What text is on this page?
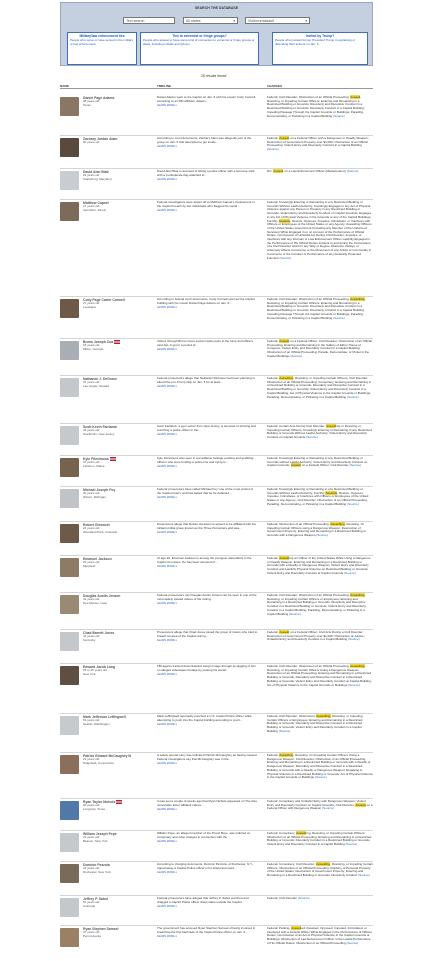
SEARCH THE DATABASE
Text search	All states	▾	Violence/assault	▾
Military/law enforcement ties
People who serve or have served in the military, or law enforcement.
Ties to extremist or fringe groups?
People who appear to have some kind of connection to extremist or fringe groups or ideas, including militias and QAnon.
Invited by Trump?
People who invoked former President Trump in explaining or defending their actions on Jan. 6.
28 results found
NAME	TIMELINE	CHARGES
Daniel Page Adams
38 years old
Texas
Daniel Adams went to the Capitol on Jan. 6 with his cousin Cody Connell, according to an FBI affidavit. Adams...
LEARN MORE ▾
Federal: Civil Disorder; Obstruction of an Official Proceeding; Assault, Resisting, or Impeding Certain Officers; Entering and Remaining in a Restricted Building or Grounds; Disorderly and Disruptive Conduct in a Restricted Building or Grounds; Disorderly Conduct in a Capitol Building; Impeding Passage Through the Capitol Grounds or Buildings; Parading, Demonstrating, or Picketing in a Capitol Building (Source)
Zachary Jordan Alam
30 years old
According to court documents, Zachary Alam was allegedly part of the group on Jan. 6 that attempted to get inside...
LEARN MORE ▾
Federal: Assault on a Federal Officer with a Dangerous or Deadly Weapon; Destruction of Government Property over $1,000; Obstruction of an Official Proceeding; Violent Entry and Disorderly Conduct in a Capitol Building (Source)
David Alan Blair
26 years old
Clarksburg, Maryland
David Alan Blair is accused of hitting a police officer with a lacrosse stick with a Confederate flag attached to...
LEARN MORE ▾
DC: Assault on a Law Enforcement Officer (Misdemeanor) (Source)
Matthew Capsel
27 years old
Vermillion, Illinois
Federal investigators were tipped off to Matthew Capsel's involvement in the Capitol breach by two individuals who flagged his social...
LEARN MORE ▾
Federal: Knowingly Entering or Remaining in any Restricted Building or Grounds Without Lawful Authority; Knowingly Engages in any Act of Physical Violence against any Person or Property in any Restricted Building or Grounds; Violent Entry and Disorderly Conduct on Capitol Grounds; Engages in any Act of Physical Violence in the Grounds or any of the Capitol Buildings; Forcibly Assaults, Resists, Opposes, Impedes, Intimidates, or Interferes with Officers or Employees of the United States or any Agency; Assaulting Officers of the United States Government (Including any Member of the Uniformed Services) While Engaged in or on Account of the Performance of Official Duties; Commission of Unlawful Act During Civil Disorder; Impedes, or Interferes with any Fireman or Law Enforcement Officer Lawfully Engaged in the Performance of His Official Duties Incident to and during the Commission of a Civil Disorder which in any Way or Degree Obstructs, Delays, or Adversely Affects Commerce or the Movement of any Article or Commodity in Commerce or the Conduct or Performance of any Federally Protected Function (Source)
Cody Page Carter Connell
27 years old
Louisiana
According to federal court documents, Cody Connell stormed the Capitol building with his cousin Daniel Page Adams on Jan. 6...
LEARN MORE ▾
Federal: Civil Disorder; Obstruction of an Official Proceeding; Assaulting, Resisting, or Impeding Certain Officers; Entering and Remaining in a Restricted Building or Grounds; Disorderly and Disruptive Conduct in a Restricted Building or Grounds; Disorderly Conduct in a Capitol Building; Impeding Passage Through the Capitol Grounds or Buildings; Parading, Demonstrating, or Picketing in a Capitol Building (Source)
Bruno Joseph Cua
18 years old
Milton, Georgia
Videos through Bruno Cua's social media posts in the lump and officers said Jan. 6 got in a period of...
LEARN MORE ▾
Federal: Assault on a Federal Officer; Civil Disorder; Obstruction of an Official Proceeding; Entering and Remaining in the Gallery of Either House of Congress; Violent Entry and Disorderly Conduct in a Capitol Building; Obstruction of an Official Proceeding; Parade, Demonstrate, or Picket in the Capitol Buildings (Source)
Nathaniel J. DeGrave
31 years old
Las Vegas, Nevada
Federal prosecutors allege that Nathaniel DeGrave had been planning to attend the pro-Trump rally on Jan. 6 for at least...
LEARN MORE ▾
Federal: Assaulting, Resisting, or Impeding Certain Officers; Civil Disorder; Obstruction of an Official Proceeding; Conspiracy; Entering and Remaining in a Restricted Building or Grounds; Disorderly and Disruptive Conduct in a Restricted Building or Grounds; Violent Entry and Disorderly Conduct in a Capitol Building; Act of Physical Violence in the Capitol Grounds or Buildings; Parading, Demonstrating, or Picketing in a Capitol Building (Source)
Scott Kevin Fairlamb
43 years old
Stockholm, New Jersey
Scott Fairlamb, a gym owner from New Jersey, is accused of shoving and punching a police officer in the...
LEARN MORE ▾
Federal: Certain Acts During Civil Disorder; Assaulting or Resisting or Impeding Certain Officers; Knowingly Entering or Remaining in any Restricted Building or Grounds Without Lawful Authority; Violent Entry and Disorderly Conduct on Capitol Grounds (Source)
Kyle Fitzsimons
37 years old
Lebanon, Maine
Kyle Fitzsimons was seen in surveillance footage pushing and grabbing officers who were holding a police line and trying to...
LEARN MORE ▾
Federal: Knowingly Entering or Remaining in any Restricted Building or Grounds without Lawful Authority; Violent Entry and Disorderly Conduct on Capitol Grounds; Assault on a Federal Officer; Civil Disorder (Source)
Michael Joseph Foy
30 years old
Wixom, Michigan
Federal prosecutors have called Michael Foy 'one of the most violent of the Capitol rioters' and has asked that he be detained...
LEARN MORE ▾
Federal: Knowingly Entering or Remaining in any Restricted Building or Grounds Without Lawful Authority; Forcibly Assaults, Resists, Opposes, Impedes, Intimidates, or Interferes with Officers or Employees of the United States or any Agency; Civil Disorder; Obstruction of an Official Proceeding; Parading, Demonstrating, or Picketing in a Capitol Building (Source)
Robert Gieswein
24 years old
Woodland Park, Colorado
Prosecutors allege that Robert Gieswein is agreed to be affiliated with the militant militia group known as the Three Percenters and was...
LEARN MORE ▾
Federal: Obstruction of an Official Proceeding; Assaulting, Resisting, Or Impeding Certain Officers using a Dangerous Weapon; Destruction of Government Property; Entering and Remaining in a Restricted Building or Grounds with a Dangerous Weapon (Source)
Emanuel Jackson
20 years old
Maryland
At age 20, Emanuel Jackson is among the youngest defendants in the Capitol riot cases. He has been accused of...
LEARN MORE ▾
Federal: Assaulting an Officer of the United States While Using a Dangerous or Deadly Weapon; Entering and Remaining in a Restricted Building or Grounds with a Deadly or Dangerous Weapon; Violent Entry and Disorderly Conduct and Lawfully Physical Violence on Restricted Building or Grounds; Violent Entry and Disorderly Conduct at Capitol Grounds (Source)
Douglas Austin Jensen
41 years old
Des Moines, Iowa
Federal prosecutors say Douglas Austin Jensen can be seen in one of the most widely viewed videos of the rioting...
LEARN MORE ▾
Federal: Civil Disorder; Obstruction of an Official Proceeding; Assaulting, Resisting, or Impeding Certain Officers or Employees; Entering and Remaining in a Restricted Building or Grounds; Disorderly and Disruptive Conduct in a Restricted Building or Grounds; Violent Entry and Disorderly Conduct in a Capitol Building; Parading, Demonstrating, or Picketing in a Capitol Building (Source)
Chad Barrett Jones
42 years old
Kentucky
Prosecutors allege that Chad Jones joined the group of rioters who tried to breach an area of the Capitol during...
LEARN MORE ▾
Federal: Assault on a Federal Officer; Civil Acts During a Civil Disorder; Destruction of Government Property over $1,000; Obstruction of Justice; Unlawful Entry and Disorderly Conduct in a Capitol Building (Source)
Edward Jacob Lang
25 to 25 years old
New York
FBI agents tracked down Edward Lang's image through its tagging of him on alleged videotapes footage by posting his social...
LEARN MORE ▾
Federal: Civil Disorder; Obstruction of an Official Proceeding; Assaulting, Resisting, or Impeding Certain Officers Using a Dangerous Weapon; Destruction of an Official Proceeding; Entering and Remaining in a Restricted Building or Grounds; Disorderly and Disruptive Conduct in a Restricted Building or Grounds; Violent Entry and Disorderly Conduct at Capitol Building; Act of Physical Violence in the Capitol Grounds or Buildings (Source)
Mark Jefferson Leffingwell
51 years old
Seattle, Washington
Mark Leffingwell reportedly punched a U.S. Capitol Police officer while attempting to push into the Capitol building according to court...
LEARN MORE ▾
Federal: Civil Disorder; Obstruction; Assaulting, Resisting, or Impeding Certain Officers or Employees; Entering and Remaining in a Restricted Building or Grounds; Disorderly and Disruptive Conduct in a Restricted Building or Grounds; Violent Entry and Disorderly Conduct in a Capitol Building (Source)
Patrick Edward McCaughey III
23 years old
Ridgefield, Connecticut
A widely spread story has indicated Patrick McCaughey as having caused. Federal investigators say that McCaughey was in the...
LEARN MORE ▾
Federal: Assaulting, Resisting, Or Impeding Certain Officers Using a Dangerous Weapon; Civil Disorder; Obstruction of an Official Proceeding; Entering and Remaining in a Restricted Building or Grounds with a Deadly or Dangerous Weapon; Disorderly and Disruptive Conduct in a Restricted Building or Grounds with a Deadly or Dangerous Weapon; Engaging in Physical Violence in a Restricted Building or Grounds; Act of Physical Violence in the Capitol Grounds or Buildings (Source)
Ryan Taylor Nichols
30 years old
Longview, Texas
It was just a couple of weeks ago that Ryan Nichols appeared on The Alex Jones/Alex Emer affidavit videos...
LEARN MORE ▾
Federal: Conspiracy and Unlawful Entry with Dangerous Weapon; Violent Entry and Disorderly Conduct on Capitol Grounds; Civil Disorder; Assault on a Federal Officer with Dangerous Weapon (Source)
William Joseph Pepe
31 years old
Beacon, New York
William Pepe, an alleged member of the Proud Boys, was indicted on conspiracy and other charges in connection with the...
LEARN MORE ▾
Federal: Conspiracy; Assaulting, Resisting, or Impeding Certain Officers; Obstruction of an Official Proceeding; Entering and Remaining in a Restricted Building or Grounds; Disorderly Conduct in a Restricted Building or Grounds; Violent Entry and Disorderly Conduct in a Capitol Building (Source)
Dominic Pezzola
43 years old
Rochester, New York
According to charging documents, Dominic Pezzola, of Rochester, N.Y., ripped away a Capitol Police officer's riot shield and used...
LEARN MORE ▾
Federal: Conspiracy; Civil Disorder; Assaulting, Resisting, or Impeding Certain Officers; Obstruction of an Official Proceeding; Robbery of Personal Property of the United States; Destruction of Government Property; Entering and Remaining in a Restricted Building or Grounds; Disorderly Conduct (Source)
Jeffrey P. Sabol
51 years old
Colorado
Federal prosecutors have alleged that Jeffrey P. Sabol punched and dragged a Capitol Police officer down stairs outside the Capitol...
LEARN MORE ▾
Federal: Civil Disorder (Source)
Ryan Stephen Samsel
37 years old
Pennsylvania
The government has accused Ryan Stephen Samsel of being involved in breaching the first barricade of the Capitol Police officer on Jan. 6...
LEARN MORE ▾
Federal: Parking, Assaulted, Resisted, Opposed, Impeded, Intimidated, or Interfered with a Federal Officer While Engaged in the Performance of Official Duties; Commission of an Act of Physical Violence in the Capitol Grounds or Buildings; Obstruction of Law Enforcement Officer in the Lawful Performance of His Official Duties; Obstruction of an Official Proceeding (Source)
